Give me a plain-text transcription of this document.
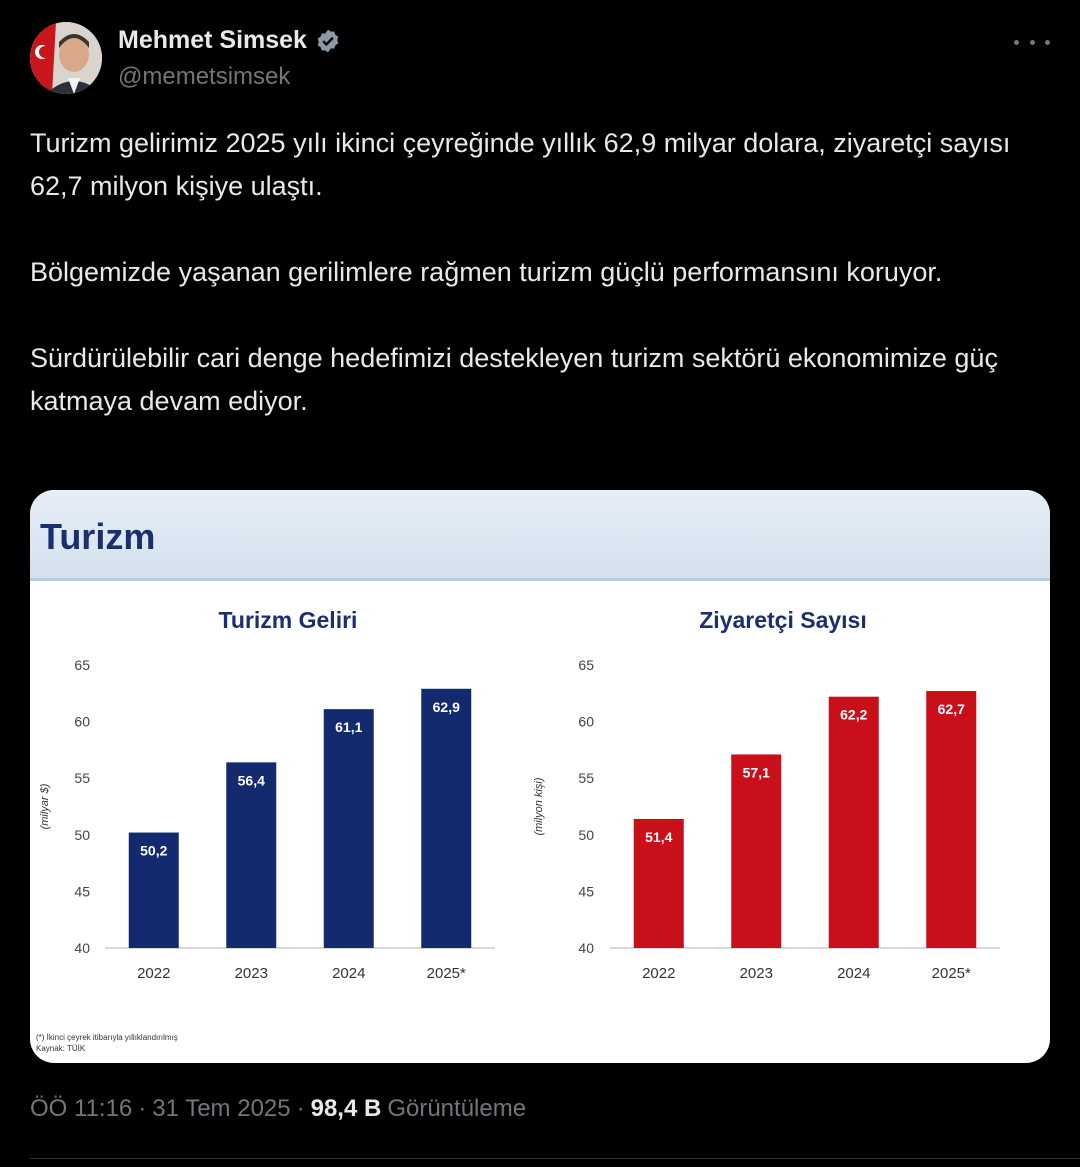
Mehmet Simsek
@memetsimsek

Turizm gelirimiz 2025 yılı ikinci çeyreğinde yıllık 62,9 milyar dolara, ziyaretçi sayısı 62,7 milyon kişiye ulaştı.

Bölgemizde yaşanan gerilimlere rağmen turizm güçlü performansını koruyor.

Sürdürülebilir cari denge hedefimizi destekleyen turizm sektörü ekonomimize güç katmaya devam ediyor.

Turizm
Turizm Geliri
40
45
50
55
60
65
(milyar $)
50,2
2022
56,4
2023
61,1
2024
62,9
2025*
Ziyaretçi Sayısı
40
45
50
55
60
65
(milyon kişi)
51,4
2022
57,1
2023
62,2
2024
62,7
2025*
(*) İkinci çeyrek itibarıyla yıllıklandırılmış
Kaynak: TÜİK
ÖÖ 11:16 · 31 Tem 2025 · 98,4 B Görüntüleme
